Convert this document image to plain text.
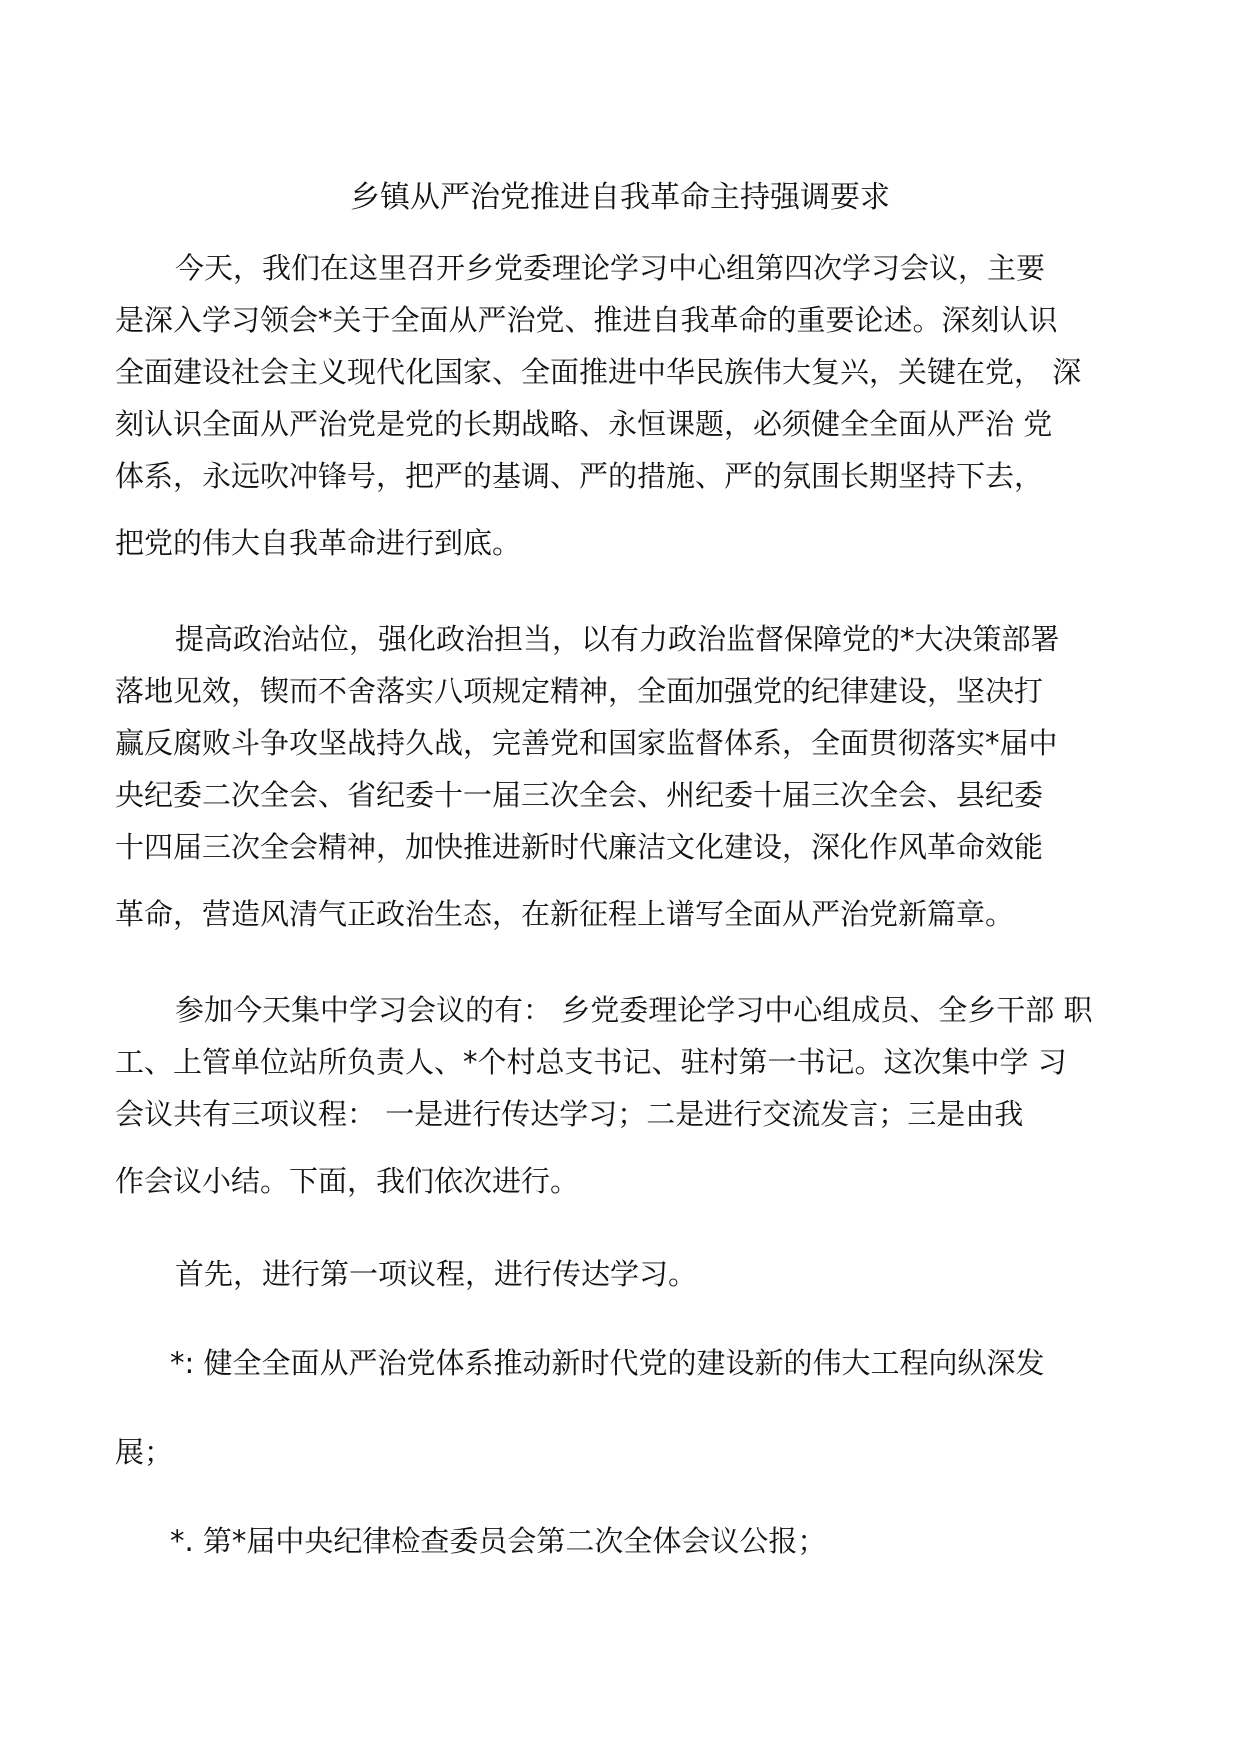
乡镇从严治党推进自我革命主持强调要求
今天，我们在这里召开乡党委理论学习中心组第四次学习会议，主要
是深入学习领会*关于全面从严治党、推进自我革命的重要论述。深刻认识
全面建设社会主义现代化国家、全面推进中华民族伟大复兴，关键在党， 深
刻认识全面从严治党是党的长期战略、永恒课题，必须健全全面从严治 党
体系，永远吹冲锋号，把严的基调、严的措施、严的氛围长期坚持下去，
把党的伟大自我革命进行到底。
提高政治站位，强化政治担当，以有力政治监督保障党的*大决策部署
落地见效，锲而不舍落实八项规定精神，全面加强党的纪律建设，坚决打
赢反腐败斗争攻坚战持久战，完善党和国家监督体系，全面贯彻落实*届中
央纪委二次全会、省纪委十一届三次全会、州纪委十届三次全会、县纪委
十四届三次全会精神，加快推进新时代廉洁文化建设，深化作风革命效能
革命，营造风清气正政治生态，在新征程上谱写全面从严治党新篇章。
参加今天集中学习会议的有： 乡党委理论学习中心组成员、全乡干部 职
工、上管单位站所负责人、*个村总支书记、驻村第一书记。这次集中学 习
会议共有三项议程： 一是进行传达学习；二是进行交流发言；三是由我
作会议小结。下面，我们依次进行。
首先，进行第一项议程，进行传达学习。
*: 健全全面从严治党体系推动新时代党的建设新的伟大工程向纵深发
展；
*. 第*届中央纪律检查委员会第二次全体会议公报；
